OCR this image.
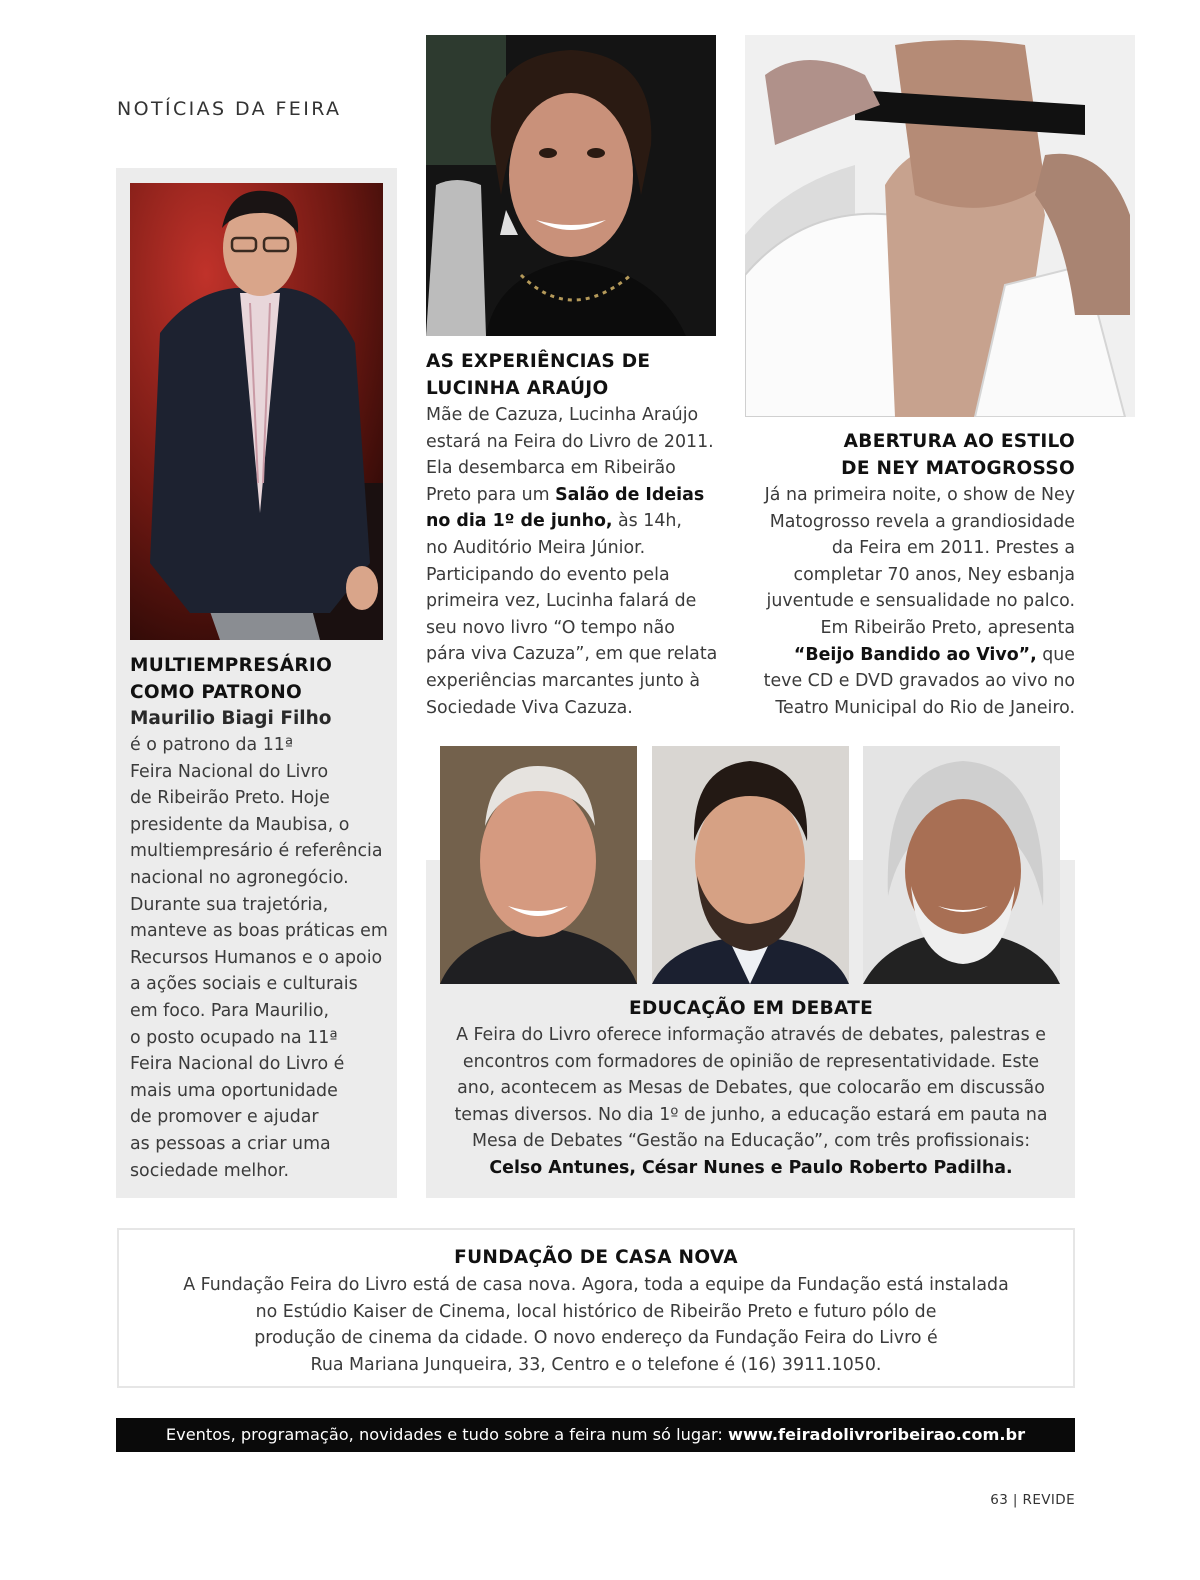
NOTÍCIAS DA FEIRA
MULTIEMPRESÁRIO
COMO PATRONO
Maurilio Biagi Filho
é o patrono da 11ª
Feira Nacional do Livro
de Ribeirão Preto. Hoje
presidente da Maubisa, o
multiempresário é referência
nacional no agronegócio.
Durante sua trajetória,
manteve as boas práticas em
Recursos Humanos e o apoio
a ações sociais e culturais
em foco. Para Maurilio,
o posto ocupado na 11ª
Feira Nacional do Livro é
mais uma oportunidade
de promover e ajudar
as pessoas a criar uma
sociedade melhor.
AS EXPERIÊNCIAS DE
LUCINHA ARAÚJO
Mãe de Cazuza, Lucinha Araújo
estará na Feira do Livro de 2011.
Ela desembarca em Ribeirão
Preto para um Salão de Ideias
no dia 1º de junho, às 14h,
no Auditório Meira Júnior.
Participando do evento pela
primeira vez, Lucinha falará de
seu novo livro “O tempo não
pára viva Cazuza”, em que relata
experiências marcantes junto à
Sociedade Viva Cazuza.
ABERTURA AO ESTILO
DE NEY MATOGROSSO
Já na primeira noite, o show de Ney
Matogrosso revela a grandiosidade
da Feira em 2011. Prestes a
completar 70 anos, Ney esbanja
juventude e sensualidade no palco.
Em Ribeirão Preto, apresenta
“Beijo Bandido ao Vivo”, que
teve CD e DVD gravados ao vivo no
Teatro Municipal do Rio de Janeiro.
EDUCAÇÃO EM DEBATE
A Feira do Livro oferece informação através de debates, palestras e
encontros com formadores de opinião de representatividade. Este
ano, acontecem as Mesas de Debates, que colocarão em discussão
temas diversos. No dia 1º de junho, a educação estará em pauta na
Mesa de Debates “Gestão na Educação”, com três profissionais:
Celso Antunes, César Nunes e Paulo Roberto Padilha.
FUNDAÇÃO DE CASA NOVA
A Fundação Feira do Livro está de casa nova. Agora, toda a equipe da Fundação está instalada
no Estúdio Kaiser de Cinema, local histórico de Ribeirão Preto e futuro pólo de
produção de cinema da cidade. O novo endereço da Fundação Feira do Livro é
Rua Mariana Junqueira, 33, Centro e o telefone é (16) 3911.1050.
Eventos, programação, novidades e tudo sobre a feira num só lugar: www.feiradolivroribeirao.com.br
63 | REVIDE
